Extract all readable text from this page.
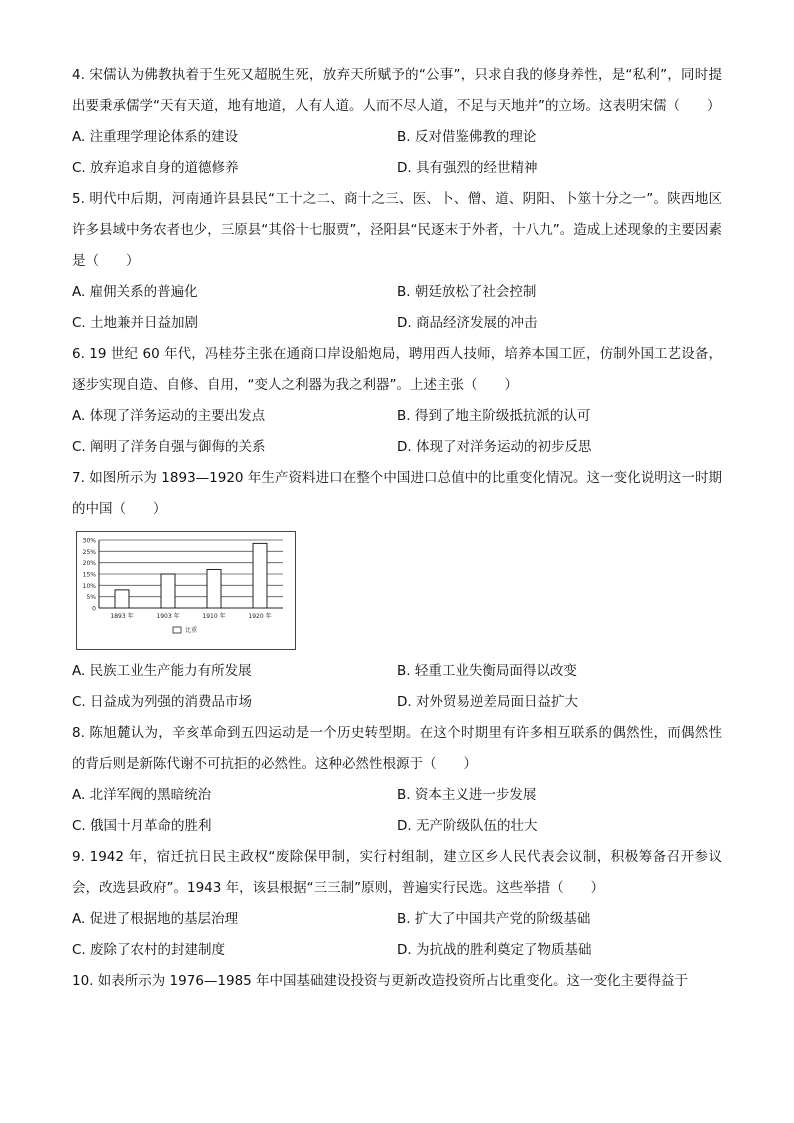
4. 宋儒认为佛教执着于生死又超脱生死，放弃天所赋予的“公事”，只求自我的修身养性，是“私利”，同时提出要秉承儒学“天有天道，地有地道，人有人道。人而不尽人道，不足与天地并”的立场。这表明宋儒（　　）

A. 注重理学理论体系的建设	B. 反对借鉴佛教的理论
C. 放弃追求自身的道德修养	D. 具有强烈的经世精神

5. 明代中后期，河南通许县县民“工十之二、商十之三、医、卜、僧、道、阴阳、卜筮十分之一”。陕西地区许多县域中务农者也少，三原县“其俗十七服贾”，泾阳县“民逐末于外者，十八九”。造成上述现象的主要因素是（　　）

A. 雇佣关系的普遍化	B. 朝廷放松了社会控制
C. 土地兼并日益加剧	D. 商品经济发展的冲击

6. 19 世纪 60 年代，冯桂芬主张在通商口岸设船炮局，聘用西人技师，培养本国工匠，仿制外国工艺设备，逐步实现自造、自修、自用，“变人之利器为我之利器”。上述主张（　　）

A. 体现了洋务运动的主要出发点	B. 得到了地主阶级抵抗派的认可
C. 阐明了洋务自强与御侮的关系	D. 体现了对洋务运动的初步反思

7. 如图所示为 1893—1920 年生产资料进口在整个中国进口总值中的比重变化情况。这一变化说明这一时期的中国（　　）

0
5%
10%
15%
20%
25%
30%
1893 年	1903 年	1910 年	1920 年
比重
A. 民族工业生产能力有所发展	B. 轻重工业失衡局面得以改变
C. 日益成为列强的消费品市场	D. 对外贸易逆差局面日益扩大

8. 陈旭麓认为，辛亥革命到五四运动是一个历史转型期。在这个时期里有许多相互联系的偶然性，而偶然性的背后则是新陈代谢不可抗拒的必然性。这种必然性根源于（　　）

A. 北洋军阀的黑暗统治	B. 资本主义进一步发展
C. 俄国十月革命的胜利	D. 无产阶级队伍的壮大

9. 1942 年，宿迁抗日民主政权“废除保甲制，实行村组制，建立区乡人民代表会议制，积极筹备召开参议会，改选县政府”。1943 年，该县根据“三三制”原则，普遍实行民选。这些举措（　　）

A. 促进了根据地的基层治理	B. 扩大了中国共产党的阶级基础
C. 废除了农村的封建制度	D. 为抗战的胜利奠定了物质基础

10. 如表所示为 1976—1985 年中国基础建设投资与更新改造投资所占比重变化。这一变化主要得益于
